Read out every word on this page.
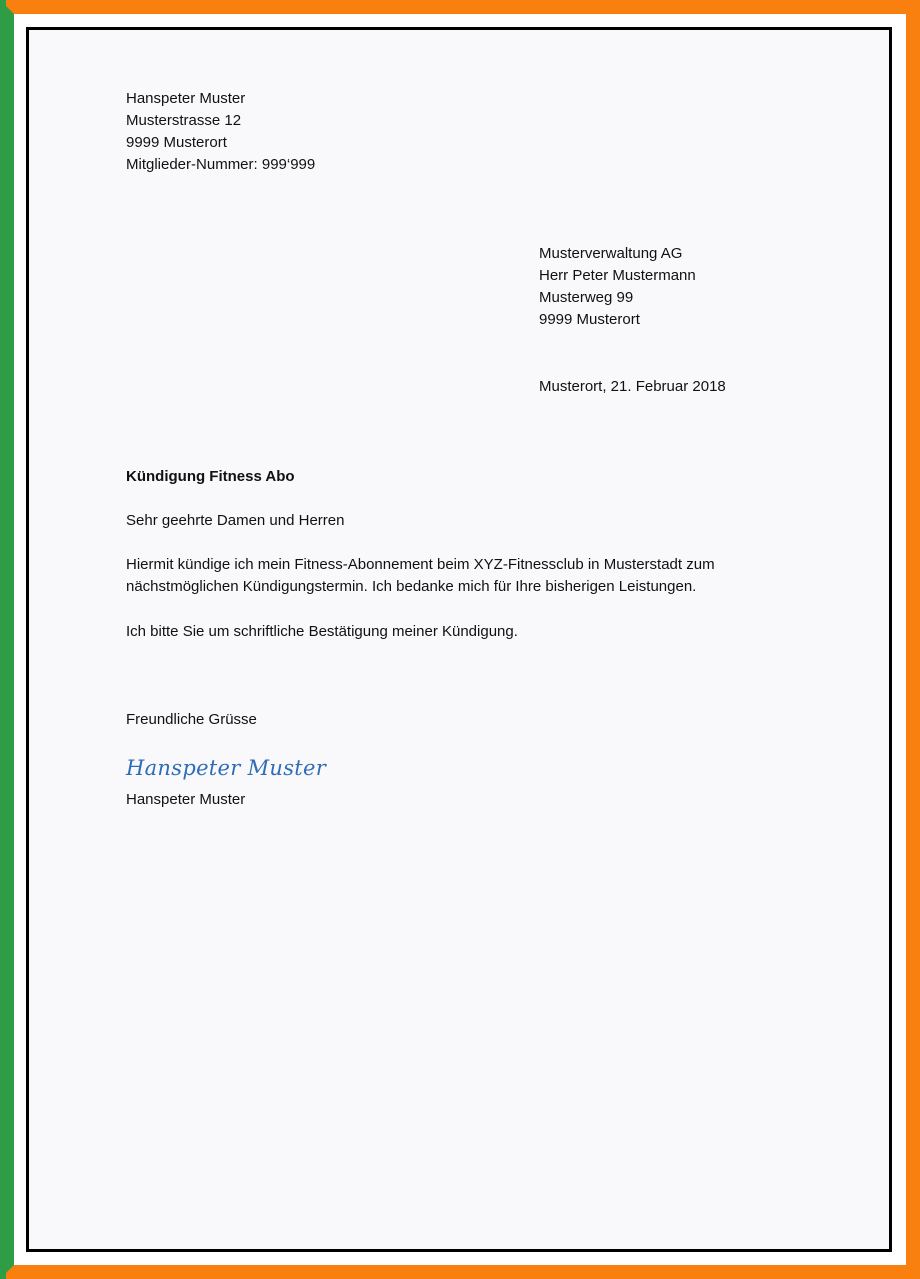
Hanspeter Muster
Musterstrasse 12
9999 Musterort
Mitglieder-Nummer: 999‘999
Musterverwaltung AG
Herr Peter Mustermann
Musterweg 99
9999 Musterort
Musterort, 21. Februar 2018
Kündigung Fitness Abo
Sehr geehrte Damen und Herren
Hiermit kündige ich mein Fitness-Abonnement beim XYZ-Fitnessclub in Musterstadt zum
nächstmöglichen Kündigungstermin. Ich bedanke mich für Ihre bisherigen Leistungen.
Ich bitte Sie um schriftliche Bestätigung meiner Kündigung.
Freundliche Grüsse
Hanspeter Muster
Hanspeter Muster
